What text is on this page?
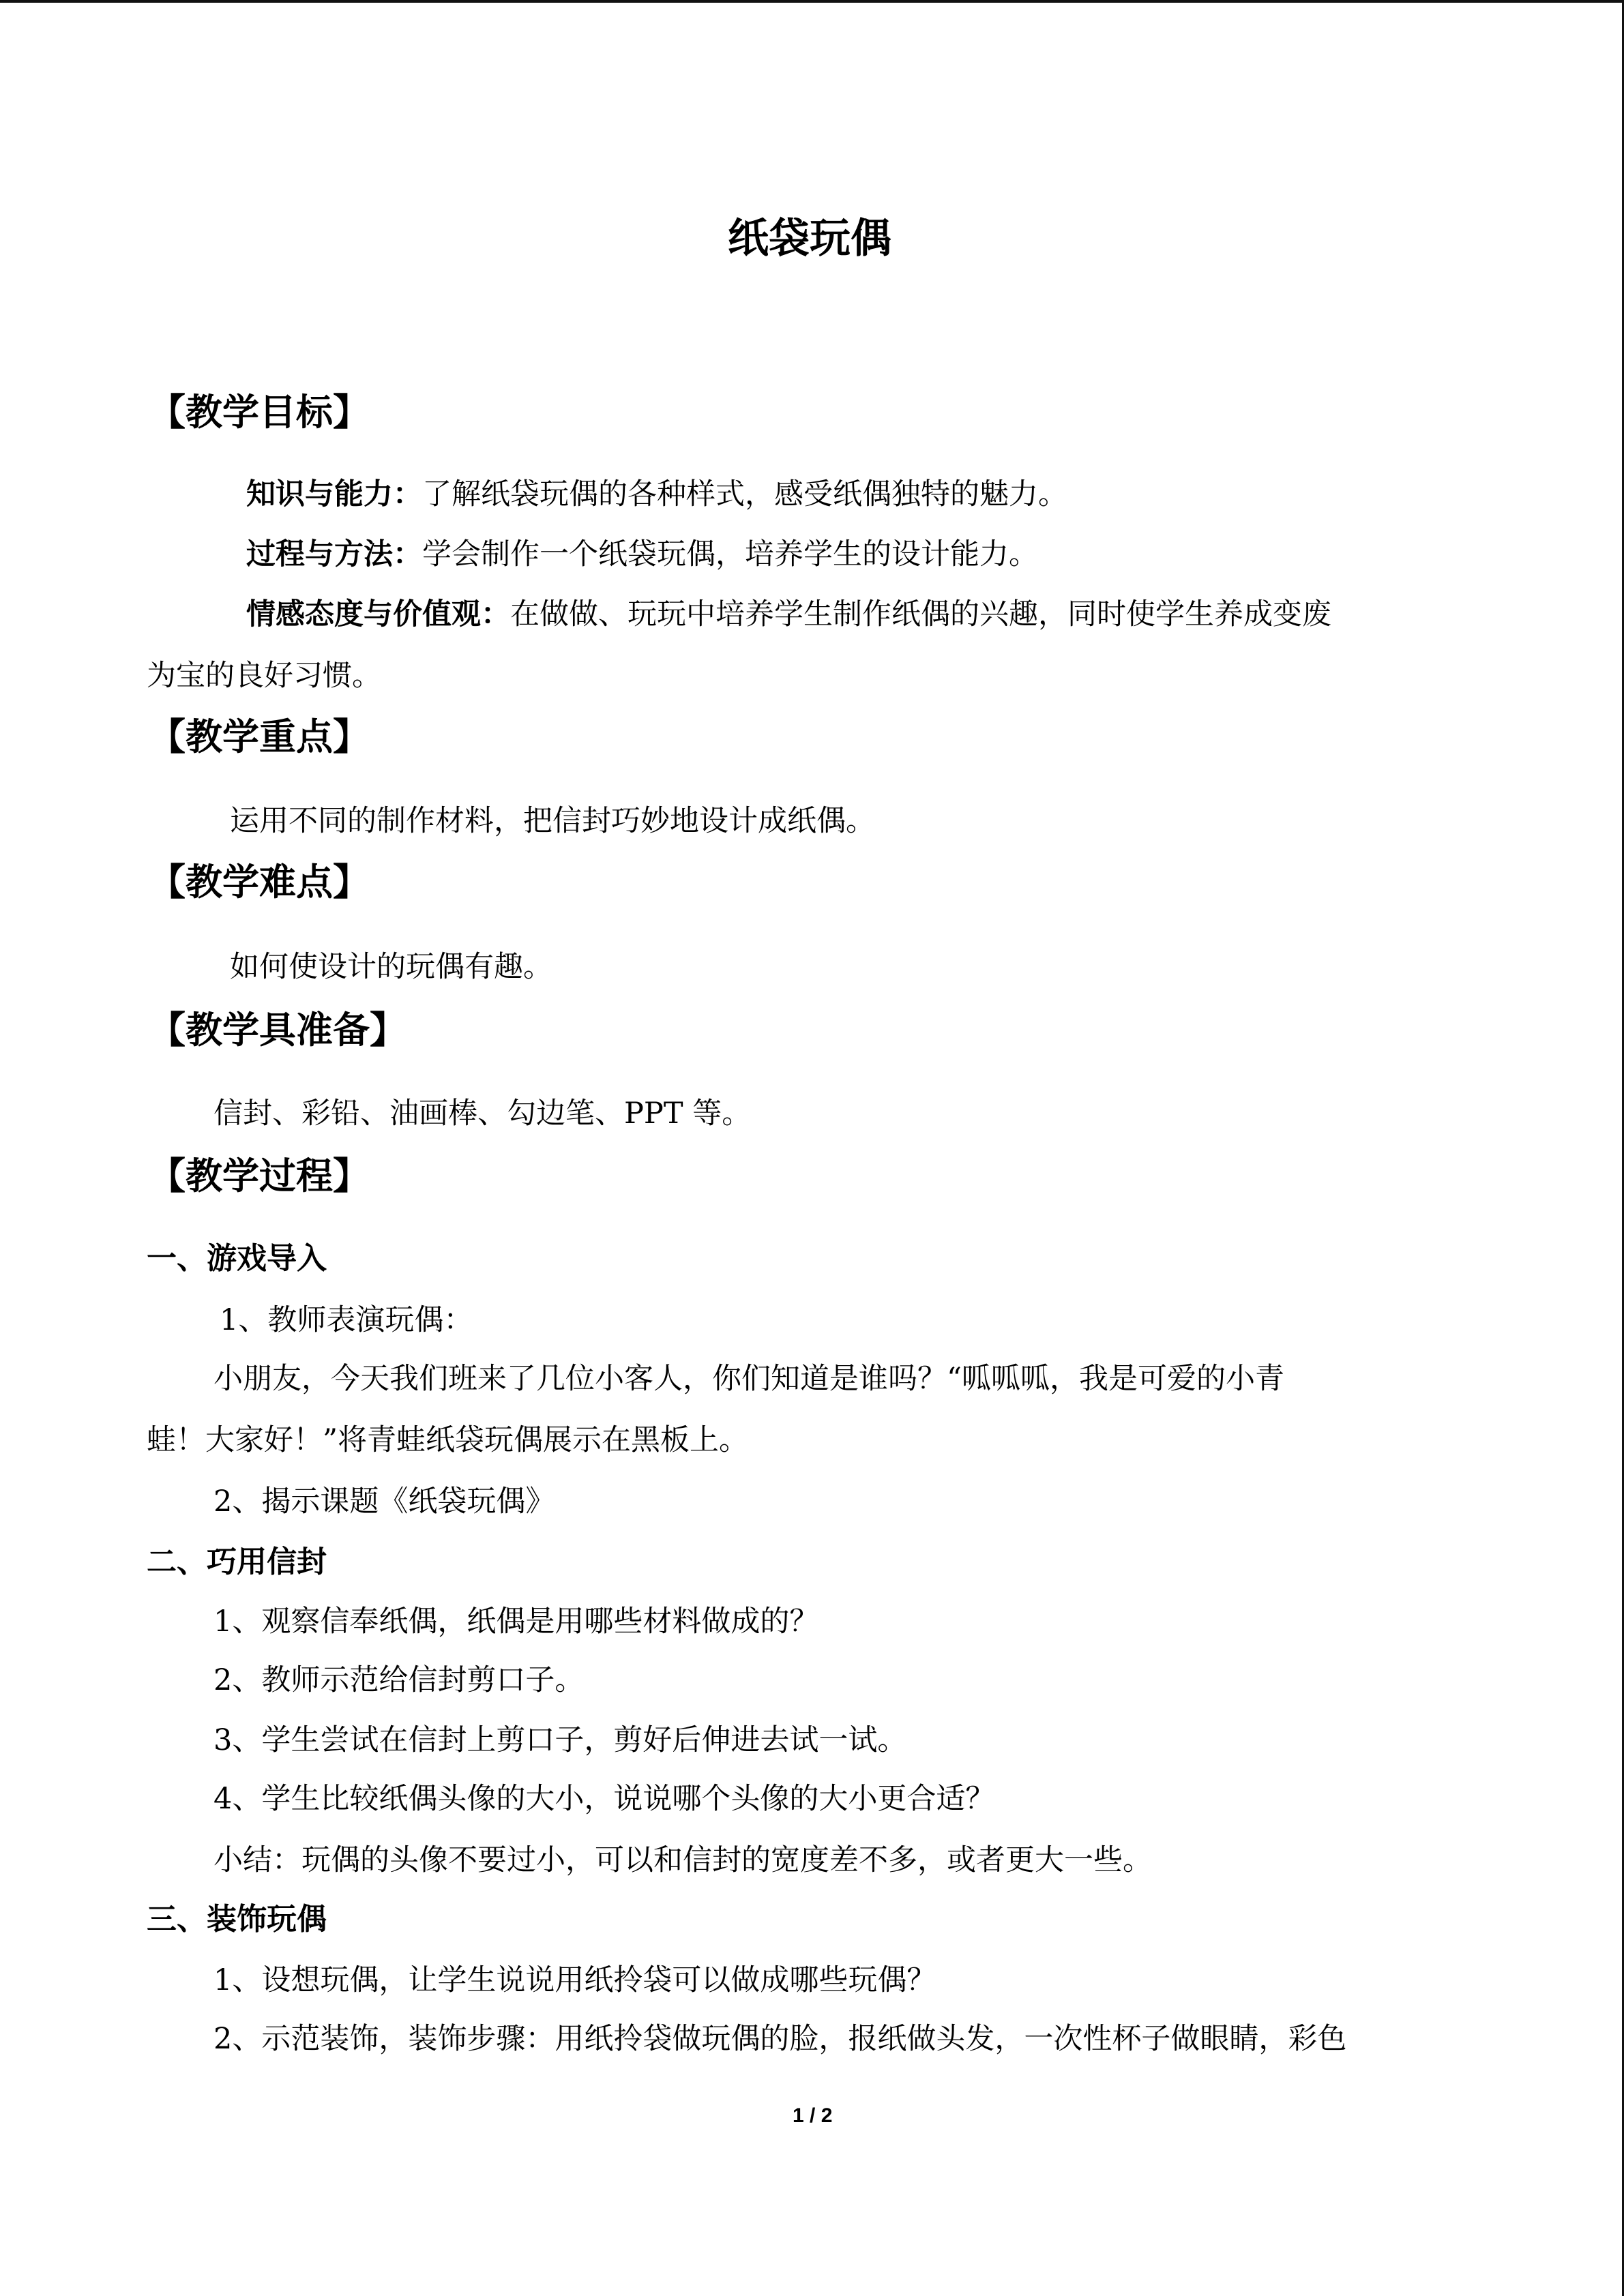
纸袋玩偶
【教学目标】
知识与能力：了解纸袋玩偶的各种样式，感受纸偶独特的魅力。
过程与方法：学会制作一个纸袋玩偶，培养学生的设计能力。
情感态度与价值观：在做做、玩玩中培养学生制作纸偶的兴趣，同时使学生养成变废
为宝的良好习惯。
【教学重点】
运用不同的制作材料，把信封巧妙地设计成纸偶。
【教学难点】
如何使设计的玩偶有趣。
【教学具准备】
信封、彩铅、油画棒、勾边笔、PPT 等。
【教学过程】
一、游戏导入
1、教师表演玩偶：
小朋友，今天我们班来了几位小客人，你们知道是谁吗？“呱呱呱，我是可爱的小青
蛙！大家好！”将青蛙纸袋玩偶展示在黑板上。
2、揭示课题《纸袋玩偶》
二、巧用信封
1、观察信奉纸偶，纸偶是用哪些材料做成的？
2、教师示范给信封剪口子。
3、学生尝试在信封上剪口子，剪好后伸进去试一试。
4、学生比较纸偶头像的大小，说说哪个头像的大小更合适？
小结：玩偶的头像不要过小，可以和信封的宽度差不多，或者更大一些。
三、装饰玩偶
1、设想玩偶，让学生说说用纸拎袋可以做成哪些玩偶？
2、示范装饰，装饰步骤：用纸拎袋做玩偶的脸，报纸做头发，一次性杯子做眼睛，彩色
1 / 2
